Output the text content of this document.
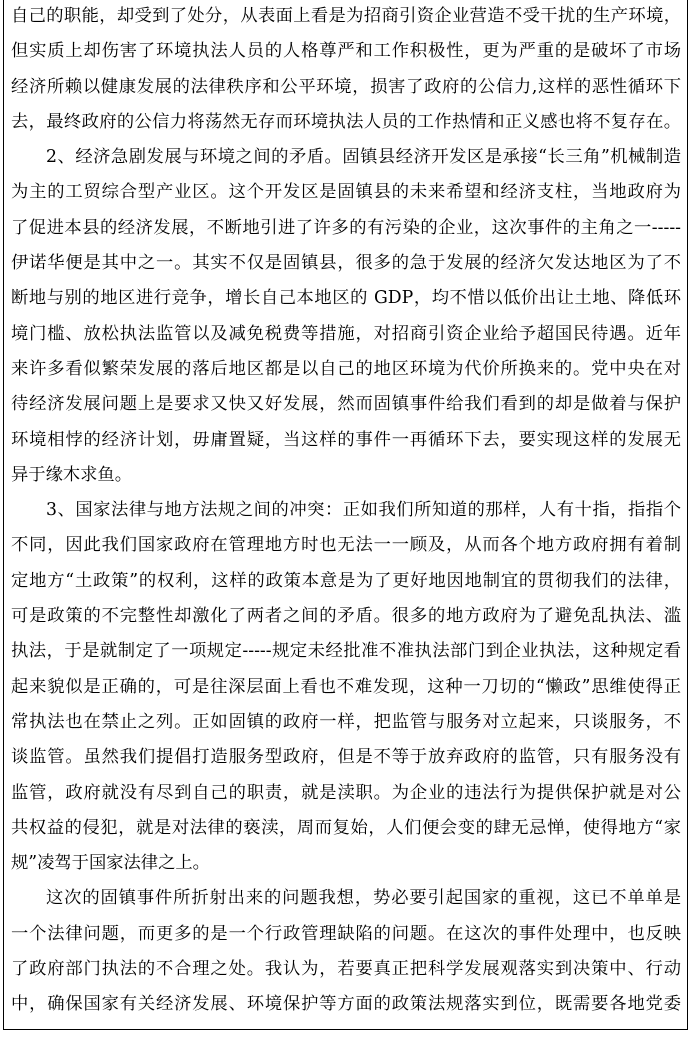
自己的职能，却受到了处分，从表面上看是为招商引资企业营造不受干扰的生产环境，
但实质上却伤害了环境执法人员的人格尊严和工作积极性，更为严重的是破坏了市场
经济所赖以健康发展的法律秩序和公平环境，损害了政府的公信力,这样的恶性循环下
去，最终政府的公信力将荡然无存而环境执法人员的工作热情和正义感也将不复存在。
2、经济急剧发展与环境之间的矛盾。固镇县经济开发区是承接“长三角”机械制造
为主的工贸综合型产业区。这个开发区是固镇县的未来希望和经济支柱，当地政府为
了促进本县的经济发展，不断地引进了许多的有污染的企业，这次事件的主角之一-----
伊诺华便是其中之一。其实不仅是固镇县，很多的急于发展的经济欠发达地区为了不
断地与别的地区进行竞争，增长自己本地区的 GDP，均不惜以低价出让土地、降低环
境门槛、放松执法监管以及减免税费等措施，对招商引资企业给予超国民待遇。近年
来许多看似繁荣发展的落后地区都是以自己的地区环境为代价所换来的。党中央在对
待经济发展问题上是要求又快又好发展，然而固镇事件给我们看到的却是做着与保护
环境相悖的经济计划，毋庸置疑，当这样的事件一再循环下去，要实现这样的发展无
异于缘木求鱼。
3、国家法律与地方法规之间的冲突：正如我们所知道的那样，人有十指，指指个
不同，因此我们国家政府在管理地方时也无法一一顾及，从而各个地方政府拥有着制
定地方“土政策”的权利，这样的政策本意是为了更好地因地制宜的贯彻我们的法律，
可是政策的不完整性却激化了两者之间的矛盾。很多的地方政府为了避免乱执法、滥
执法，于是就制定了一项规定-----规定未经批准不准执法部门到企业执法，这种规定看
起来貌似是正确的，可是往深层面上看也不难发现，这种一刀切的“懒政”思维使得正
常执法也在禁止之列。正如固镇的政府一样，把监管与服务对立起来，只谈服务，不
谈监管。虽然我们提倡打造服务型政府，但是不等于放弃政府的监管，只有服务没有
监管，政府就没有尽到自己的职责，就是渎职。为企业的违法行为提供保护就是对公
共权益的侵犯，就是对法律的亵渎，周而复始，人们便会变的肆无忌惮，使得地方“家
规”凌驾于国家法律之上。
这次的固镇事件所折射出来的问题我想，势必要引起国家的重视，这已不单单是
一个法律问题，而更多的是一个行政管理缺陷的问题。在这次的事件处理中，也反映
了政府部门执法的不合理之处。我认为，若要真正把科学发展观落实到决策中、行动
中，确保国家有关经济发展、环境保护等方面的政策法规落实到位，既需要各地党委
